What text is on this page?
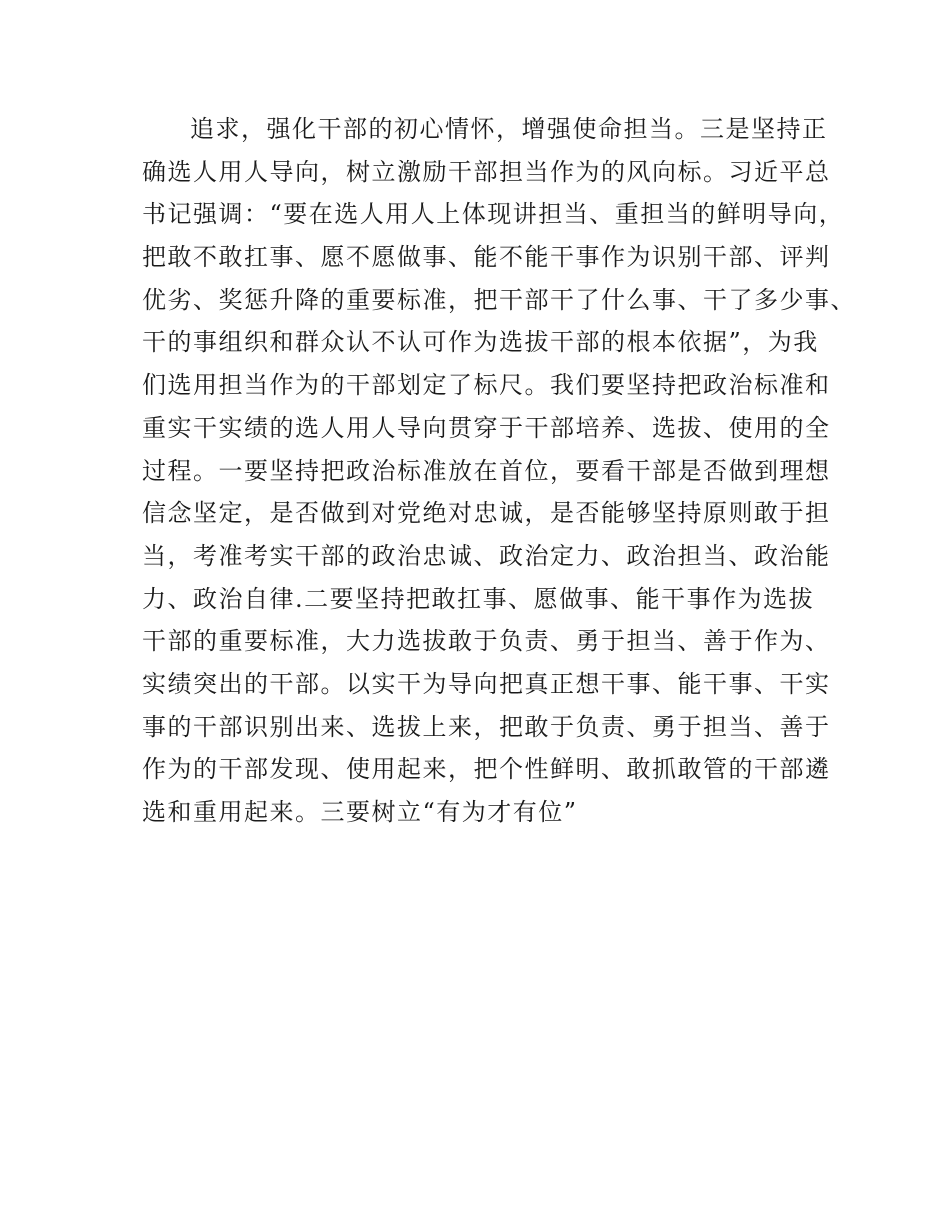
追求，强化干部的初心情怀，增强使命担当。三是坚持正
确选人用人导向，树立激励干部担当作为的风向标。习近平总
书记强调：“要在选人用人上体现讲担当、重担当的鲜明导向，
把敢不敢扛事、愿不愿做事、能不能干事作为识别干部、评判
优劣、奖惩升降的重要标准，把干部干了什么事、干了多少事、
干的事组织和群众认不认可作为选拔干部的根本依据”，为我
们选用担当作为的干部划定了标尺。我们要坚持把政治标准和
重实干实绩的选人用人导向贯穿于干部培养、选拔、使用的全
过程。一要坚持把政治标准放在首位，要看干部是否做到理想
信念坚定，是否做到对党绝对忠诚，是否能够坚持原则敢于担
当，考准考实干部的政治忠诚、政治定力、政治担当、政治能
力、政治自律.二要坚持把敢扛事、愿做事、能干事作为选拔
干部的重要标准，大力选拔敢于负责、勇于担当、善于作为、
实绩突出的干部。以实干为导向把真正想干事、能干事、干实
事的干部识别出来、选拔上来，把敢于负责、勇于担当、善于
作为的干部发现、使用起来，把个性鲜明、敢抓敢管的干部遴
选和重用起来。三要树立“有为才有位”
